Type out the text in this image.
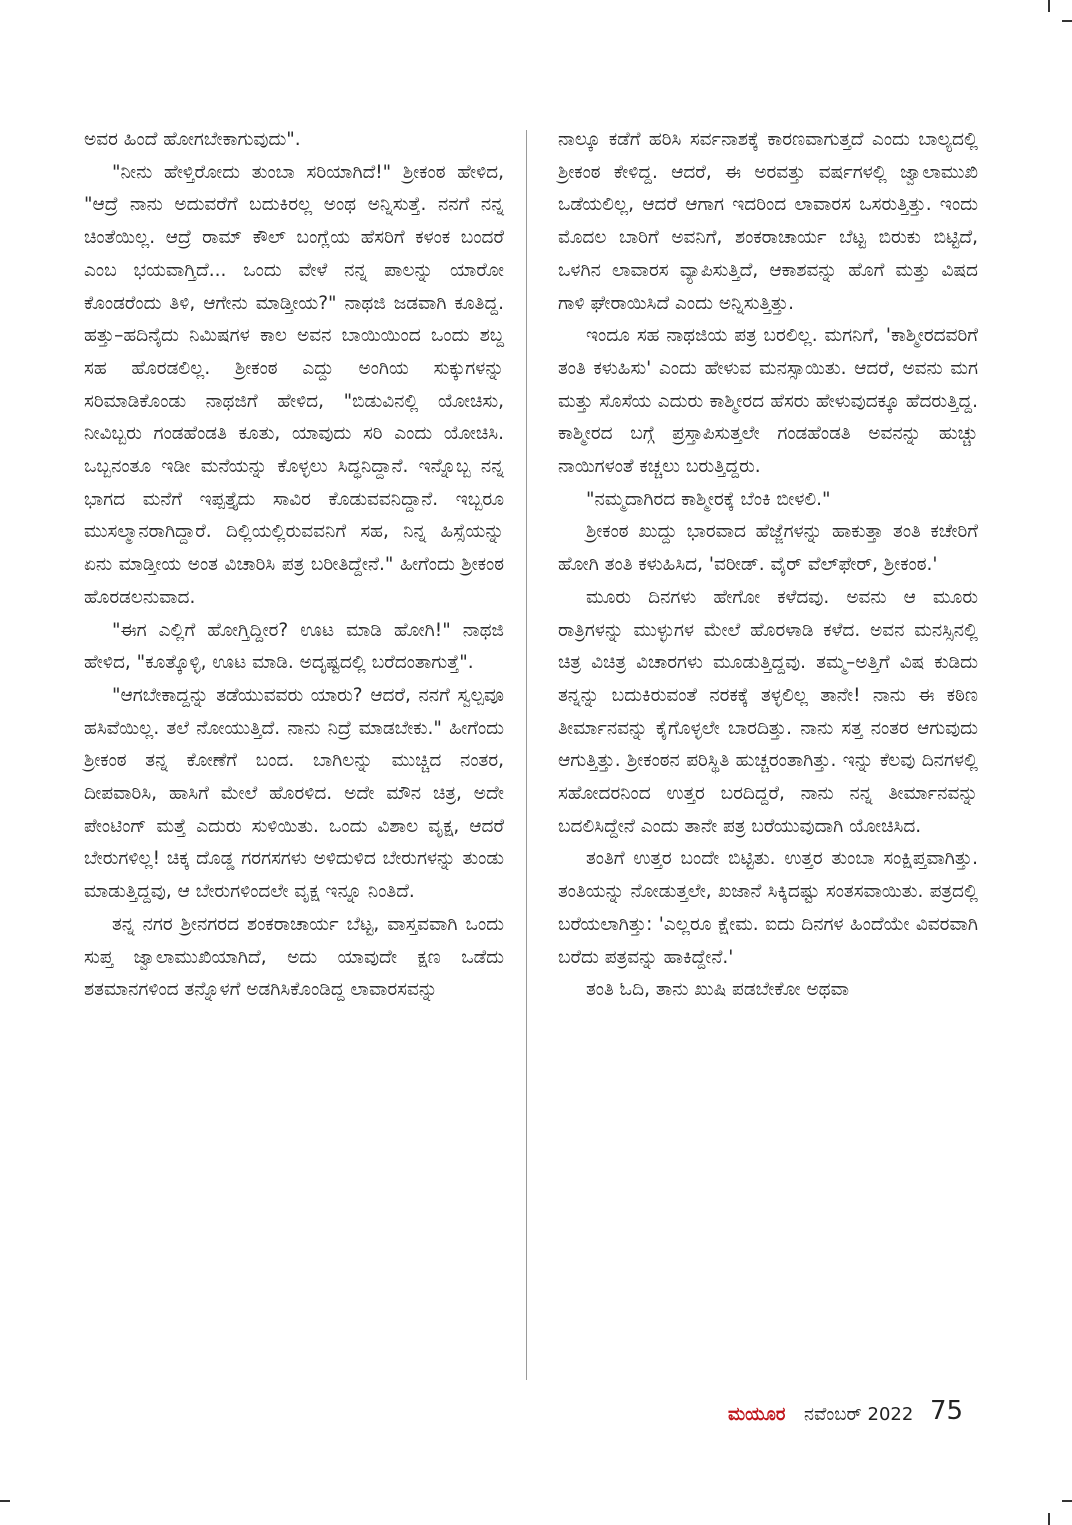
ಅವರ ಹಿಂದೆ ಹೋಗಬೇಕಾಗುವುದು".

"ನೀನು ಹೇಳ್ತಿರೋದು ತುಂಬಾ ಸರಿಯಾಗಿದೆ!" ಶ್ರೀಕಂಠ ಹೇಳಿದ, "ಆದ್ರೆ ನಾನು ಅದುವರೆಗೆ ಬದುಕಿರಲ್ಲ ಅಂಥ ಅನ್ನಿಸುತ್ತೆ. ನನಗೆ ನನ್ನ ಚಿಂತೆಯಿಲ್ಲ. ಆದ್ರೆ ರಾಮ್ ಕೌಲ್ ಬಂಗ್ಲೆಯ ಹೆಸರಿಗೆ ಕಳಂಕ ಬಂದರೆ ಎಂಬ ಭಯವಾಗ್ತಿದೆ... ಒಂದು ವೇಳೆ ನನ್ನ ಪಾಲನ್ನು ಯಾರೋ ಕೊಂಡರೆಂದು ತಿಳಿ, ಆಗೇನು ಮಾಡ್ತೀಯ?" ನಾಥಜಿ ಜಡವಾಗಿ ಕೂತಿದ್ದ. ಹತ್ತು–ಹದಿನೈದು ನಿಮಿಷಗಳ ಕಾಲ ಅವನ ಬಾಯಿಯಿಂದ ಒಂದು ಶಬ್ದ ಸಹ ಹೊರಡಲಿಲ್ಲ. ಶ್ರೀಕಂಠ ಎದ್ದು ಅಂಗಿಯ ಸುಕ್ಕುಗಳನ್ನು ಸರಿಮಾಡಿಕೊಂಡು ನಾಥಜಿಗೆ ಹೇಳಿದ, "ಬಿಡುವಿನಲ್ಲಿ ಯೋಚಿಸು, ನೀವಿಬ್ಬರು ಗಂಡಹೆಂಡತಿ ಕೂತು, ಯಾವುದು ಸರಿ ಎಂದು ಯೋಚಿಸಿ. ಒಬ್ಬನಂತೂ ಇಡೀ ಮನೆಯನ್ನು ಕೊಳ್ಳಲು ಸಿದ್ಧನಿದ್ದಾನೆ. ಇನ್ನೊಬ್ಬ ನನ್ನ ಭಾಗದ ಮನೆಗೆ ಇಪ್ಪತ್ತೈದು ಸಾವಿರ ಕೊಡುವವನಿದ್ದಾನೆ. ಇಬ್ಬರೂ ಮುಸಲ್ಮಾನರಾಗಿದ್ದಾರೆ. ದಿಲ್ಲಿಯಲ್ಲಿರುವವನಿಗೆ ಸಹ, ನಿನ್ನ ಹಿಸ್ಸೆಯನ್ನು ಏನು ಮಾಡ್ತೀಯ ಅಂತ ವಿಚಾರಿಸಿ ಪತ್ರ ಬರೀತಿದ್ದೇನೆ." ಹೀಗೆಂದು ಶ್ರೀಕಂಠ ಹೊರಡಲನುವಾದ.

"ಈಗ ಎಲ್ಲಿಗೆ ಹೋಗ್ತಿದ್ದೀರ? ಊಟ ಮಾಡಿ ಹೋಗಿ!" ನಾಥಜಿ ಹೇಳಿದ, "ಕೂತ್ಕೊಳ್ಳಿ, ಊಟ ಮಾಡಿ. ಅದೃಷ್ಟದಲ್ಲಿ ಬರೆದಂತಾಗುತ್ತೆ".

"ಆಗಬೇಕಾದ್ದನ್ನು ತಡೆಯುವವರು ಯಾರು? ಆದರೆ, ನನಗೆ ಸ್ವಲ್ಪವೂ ಹಸಿವೆಯಿಲ್ಲ. ತಲೆ ನೋಯುತ್ತಿದೆ. ನಾನು ನಿದ್ರೆ ಮಾಡಬೇಕು." ಹೀಗೆಂದು ಶ್ರೀಕಂಠ ತನ್ನ ಕೋಣೆಗೆ ಬಂದ. ಬಾಗಿಲನ್ನು ಮುಚ್ಚಿದ ನಂತರ, ದೀಪವಾರಿಸಿ, ಹಾಸಿಗೆ ಮೇಲೆ ಹೊರಳಿದ. ಅದೇ ಮೌನ ಚಿತ್ರ, ಅದೇ ಪೇಂಟಿಂಗ್ ಮತ್ತೆ ಎದುರು ಸುಳಿಯಿತು. ಒಂದು ವಿಶಾಲ ವೃಕ್ಷ, ಆದರೆ ಬೇರುಗಳಿಲ್ಲ! ಚಿಕ್ಕ ದೊಡ್ಡ ಗರಗಸಗಳು ಅಳಿದುಳಿದ ಬೇರುಗಳನ್ನು ತುಂಡು ಮಾಡುತ್ತಿದ್ದವು, ಆ ಬೇರುಗಳಿಂದಲೇ ವೃಕ್ಷ ಇನ್ನೂ ನಿಂತಿದೆ.

ತನ್ನ ನಗರ ಶ್ರೀನಗರದ ಶಂಕರಾಚಾರ್ಯ ಬೆಟ್ಟ, ವಾಸ್ತವವಾಗಿ ಒಂದು ಸುಪ್ತ ಜ್ವಾಲಾಮುಖಿಯಾಗಿದೆ, ಅದು ಯಾವುದೇ ಕ್ಷಣ ಒಡೆದು ಶತಮಾನಗಳಿಂದ ತನ್ನೊಳಗೆ ಅಡಗಿಸಿಕೊಂಡಿದ್ದ ಲಾವಾರಸವನ್ನು

ನಾಲ್ಕೂ ಕಡೆಗೆ ಹರಿಸಿ ಸರ್ವನಾಶಕ್ಕೆ ಕಾರಣವಾಗುತ್ತದೆ ಎಂದು ಬಾಲ್ಯದಲ್ಲಿ ಶ್ರೀಕಂಠ ಕೇಳಿದ್ದ. ಆದರೆ, ಈ ಅರವತ್ತು ವರ್ಷಗಳಲ್ಲಿ ಜ್ವಾಲಾಮುಖಿ ಒಡೆಯಲಿಲ್ಲ, ಆದರೆ ಆಗಾಗ ಇದರಿಂದ ಲಾವಾರಸ ಒಸರುತ್ತಿತ್ತು. ಇಂದು ಮೊದಲ ಬಾರಿಗೆ ಅವನಿಗೆ, ಶಂಕರಾಚಾರ್ಯ ಬೆಟ್ಟ ಬಿರುಕು ಬಿಟ್ಟಿದೆ, ಒಳಗಿನ ಲಾವಾರಸ ವ್ಯಾಪಿಸುತ್ತಿದೆ, ಆಕಾಶವನ್ನು ಹೊಗೆ ಮತ್ತು ವಿಷದ ಗಾಳಿ ಘೇರಾಯಿಸಿದೆ ಎಂದು ಅನ್ನಿಸುತ್ತಿತ್ತು.

ಇಂದೂ ಸಹ ನಾಥಜಿಯ ಪತ್ರ ಬರಲಿಲ್ಲ. ಮಗನಿಗೆ, 'ಕಾಶ್ಮೀರದವರಿಗೆ ತಂತಿ ಕಳುಹಿಸು' ಎಂದು ಹೇಳುವ ಮನಸ್ಸಾಯಿತು. ಆದರೆ, ಅವನು ಮಗ ಮತ್ತು ಸೊಸೆಯ ಎದುರು ಕಾಶ್ಮೀರದ ಹೆಸರು ಹೇಳುವುದಕ್ಕೂ ಹೆದರುತ್ತಿದ್ದ. ಕಾಶ್ಮೀರದ ಬಗ್ಗೆ ಪ್ರಸ್ತಾಪಿಸುತ್ತಲೇ ಗಂಡಹೆಂಡತಿ ಅವನನ್ನು ಹುಚ್ಚು ನಾಯಿಗಳಂತೆ ಕಚ್ಚಲು ಬರುತ್ತಿದ್ದರು.

"ನಮ್ಮದಾಗಿರದ ಕಾಶ್ಮೀರಕ್ಕೆ ಬೆಂಕಿ ಬೀಳಲಿ."

ಶ್ರೀಕಂಠ ಖುದ್ದು ಭಾರವಾದ ಹೆಜ್ಜೆಗಳನ್ನು ಹಾಕುತ್ತಾ ತಂತಿ ಕಚೇರಿಗೆ ಹೋಗಿ ತಂತಿ ಕಳುಹಿಸಿದ, 'ವರೀಡ್. ವೈರ್ ವೆಲ್‌ಫೇರ್, ಶ್ರೀಕಂಠ.'

ಮೂರು ದಿನಗಳು ಹೇಗೋ ಕಳೆದವು. ಅವನು ಆ ಮೂರು ರಾತ್ರಿಗಳನ್ನು ಮುಳ್ಳುಗಳ ಮೇಲೆ ಹೊರಳಾಡಿ ಕಳೆದ. ಅವನ ಮನಸ್ಸಿನಲ್ಲಿ ಚಿತ್ರ ವಿಚಿತ್ರ ವಿಚಾರಗಳು ಮೂಡುತ್ತಿದ್ದವು. ತಮ್ಮ–ಅತ್ತಿಗೆ ವಿಷ ಕುಡಿದು ತನ್ನನ್ನು ಬದುಕಿರುವಂತೆ ನರಕಕ್ಕೆ ತಳ್ಳಲಿಲ್ಲ ತಾನೇ! ನಾನು ಈ ಕಠಿಣ ತೀರ್ಮಾನವನ್ನು ಕೈಗೊಳ್ಳಲೇ ಬಾರದಿತ್ತು. ನಾನು ಸತ್ತ ನಂತರ ಆಗುವುದು ಆಗುತ್ತಿತ್ತು. ಶ್ರೀಕಂಠನ ಪರಿಸ್ಥಿತಿ ಹುಚ್ಚರಂತಾಗಿತ್ತು. ಇನ್ನು ಕೆಲವು ದಿನಗಳಲ್ಲಿ ಸಹೋದರನಿಂದ ಉತ್ತರ ಬರದಿದ್ದರೆ, ನಾನು ನನ್ನ ತೀರ್ಮಾನವನ್ನು ಬದಲಿಸಿದ್ದೇನೆ ಎಂದು ತಾನೇ ಪತ್ರ ಬರೆಯುವುದಾಗಿ ಯೋಚಿಸಿದ.

ತಂತಿಗೆ ಉತ್ತರ ಬಂದೇ ಬಿಟ್ಟಿತು. ಉತ್ತರ ತುಂಬಾ ಸಂಕ್ಷಿಪ್ತವಾಗಿತ್ತು. ತಂತಿಯನ್ನು ನೋಡುತ್ತಲೇ, ಖಜಾನೆ ಸಿಕ್ಕಿದಷ್ಟು ಸಂತಸವಾಯಿತು. ಪತ್ರದಲ್ಲಿ ಬರೆಯಲಾಗಿತ್ತು: 'ಎಲ್ಲರೂ ಕ್ಷೇಮ. ಐದು ದಿನಗಳ ಹಿಂದೆಯೇ ವಿವರವಾಗಿ ಬರೆದು ಪತ್ರವನ್ನು ಹಾಕಿದ್ದೇನೆ.'

ತಂತಿ ಓದಿ, ತಾನು ಖುಷಿ ಪಡಬೇಕೋ ಅಥವಾ

ಮಯೂರ ನವೆಂಬರ್ 2022 75
